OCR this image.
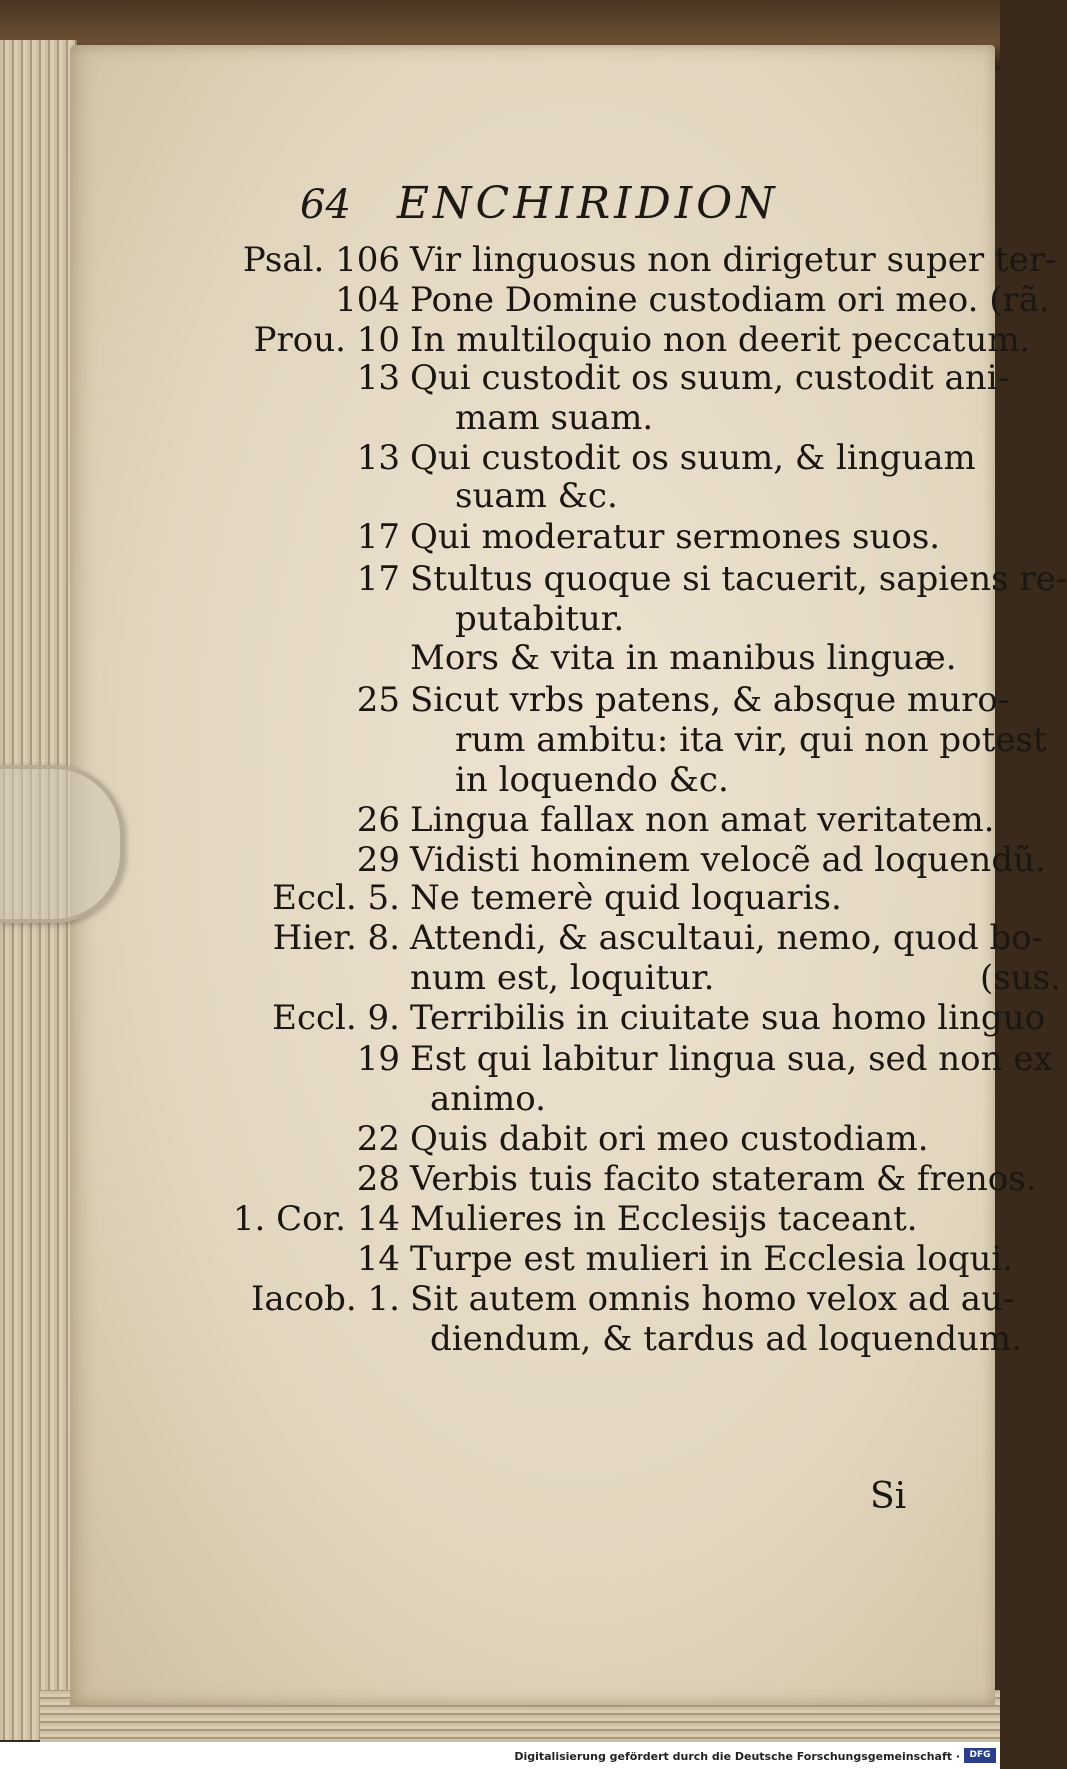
64 ENCHIRIDION
Psal. 106 Vir linguosus non dirigetur super ter-
104 Pone Domine custodiam ori meo. (rã.
Prou. 10 In multiloquio non deerit peccatum.
13 Qui custodit os suum, custodit ani-
mam suam.
13 Qui custodit os suum, & linguam
suam &c.
17 Qui moderatur sermones suos.
17 Stultus quoque si tacuerit, sapiens re-
putabitur.
Mors & vita in manibus linguæ.
25 Sicut vrbs patens, & absque muro-
rum ambitu: ita vir, qui non potest
in loquendo &c.
26 Lingua fallax non amat veritatem.
29 Vidisti hominem velocẽ ad loquendũ.
Eccl. 5. Ne temerè quid loquaris.
Hier. 8. Attendi, & ascultaui, nemo, quod bo-
num est, loquitur.	(sus.
Eccl. 9. Terribilis in ciuitate sua homo linguo
19 Est qui labitur lingua sua, sed non ex
animo.
22 Quis dabit ori meo custodiam.
28 Verbis tuis facito stateram & frenos.
1. Cor. 14 Mulieres in Ecclesijs taceant.
14 Turpe est mulieri in Ecclesia loqui.
Iacob. 1. Sit autem omnis homo velox ad au-
diendum, & tardus ad loquendum.
Si
Digitalisierung gefördert durch die Deutsche Forschungsgemeinschaft ·	DFG
